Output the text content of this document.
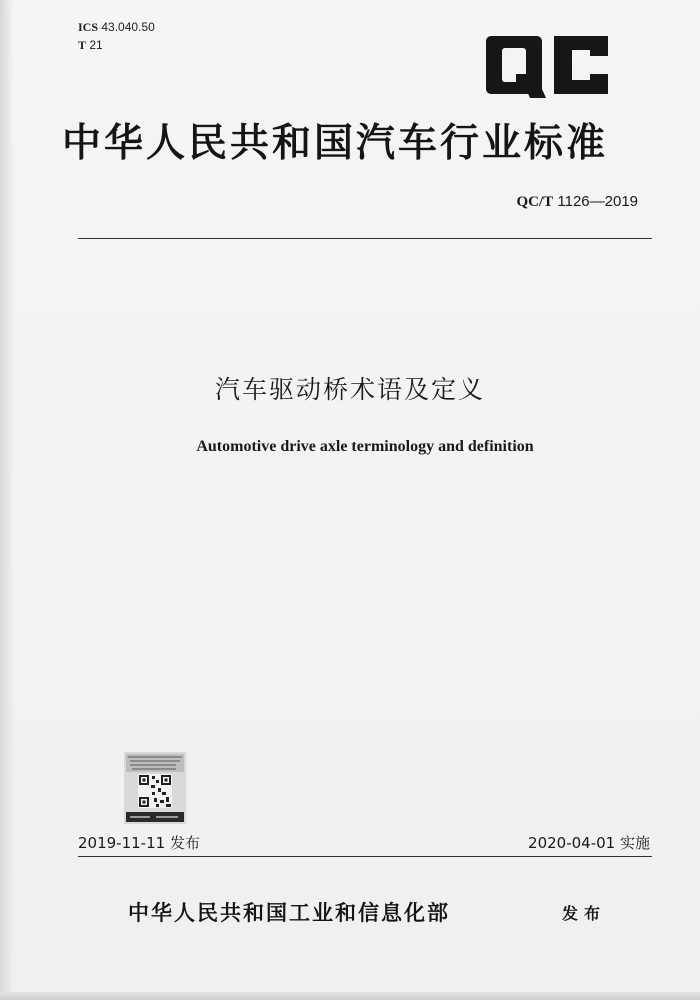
ICS 43.040.50
T 21
中华人民共和国汽车行业标准
QC/T 1126—2019
汽车驱动桥术语及定义
Automotive drive axle terminology and definition
2019-11-11 发布	2020-04-01 实施
中华人民共和国工业和信息化部	发布
